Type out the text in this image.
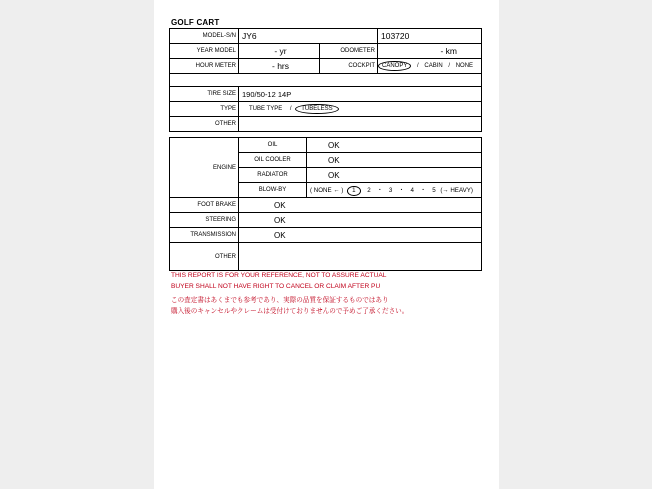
GOLF CART
MODEL-S/N	JY6		103720
YEAR MODEL	- yr	ODOMETER	- km
HOUR METER	- hrs	COCKPIT	CANOPY / CABIN / NONE

TIRE SIZE	190/50-12 14P		
TYPE	TUBE TYPE / TUBELESS		
OTHER			
ENGINE	OIL	OK
	OIL COOLER	OK
	RADIATOR	OK
	BLOW-BY	( NONE ← ) 1 2 ・ 3 ・ 4 ・ 5 (→ HEAVY)
FOOT BRAKE	OK	
STEERING	OK	
TRANSMISSION	OK	
OTHER		
THIS REPORT IS FOR YOUR REFERENCE, NOT TO ASSURE ACTUAL
BUYER SHALL NOT HAVE RIGHT TO CANCEL OR CLAIM AFTER PU
この査定書はあくまでも参考であり、実際の品質を保証するものではあり
購入後のキャンセルやクレームは受付けておりませんので予めご了承ください。
